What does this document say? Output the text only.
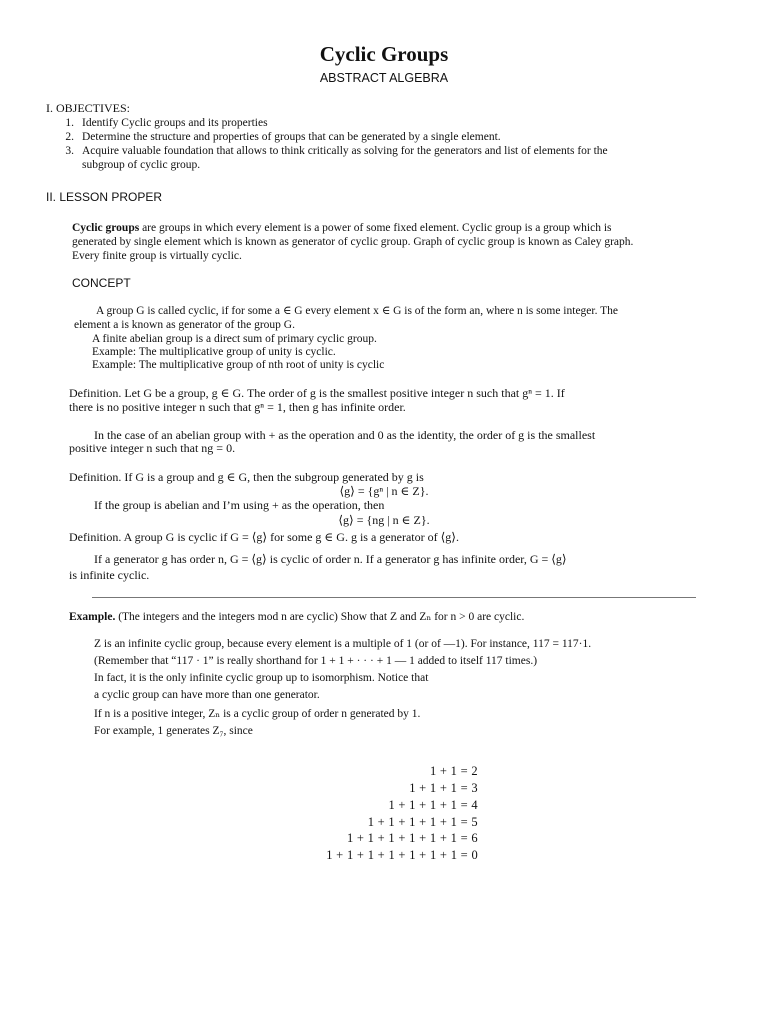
Cyclic Groups
ABSTRACT ALGEBRA
I. OBJECTIVES:
1. Identify Cyclic groups and its properties
2. Determine the structure and properties of groups that can be generated by a single element.
3. Acquire valuable foundation that allows to think critically as solving for the generators and list of elements for the
subgroup of cyclic group.
II. LESSON PROPER
Cyclic groups are groups in which every element is a power of some fixed element. Cyclic group is a group which is
generated by single element which is known as generator of cyclic group. Graph of cyclic group is known as Caley graph.
Every finite group is virtually cyclic.
CONCEPT
A group G is called cyclic, if for some a ∈ G every element x ∈ G is of the form an, where n is some integer. The
element a is known as generator of the group G.
A finite abelian group is a direct sum of primary cyclic group.
Example: The multiplicative group of unity is cyclic.
Example: The multiplicative group of nth root of unity is cyclic
Definition. Let G be a group, g ∈ G. The order of g is the smallest positive integer n such that gⁿ = 1. If
there is no positive integer n such that gⁿ = 1, then g has infinite order.
In the case of an abelian group with + as the operation and 0 as the identity, the order of g is the smallest
positive integer n such that ng = 0.
Definition. If G is a group and g ∈ G, then the subgroup generated by g is
⟨g⟩ = {gⁿ | n ∈ Z}.
If the group is abelian and I’m using + as the operation, then
⟨g⟩ = {ng | n ∈ Z}.
Definition. A group G is cyclic if G = ⟨g⟩ for some g ∈ G. g is a generator of ⟨g⟩.
If a generator g has order n, G = ⟨g⟩ is cyclic of order n. If a generator g has infinite order, G = ⟨g⟩
is infinite cyclic.
Example. (The integers and the integers mod n are cyclic) Show that Z and Zₙ for n > 0 are cyclic.
Z is an infinite cyclic group, because every element is a multiple of 1 (or of —1). For instance, 117 = 117·1.
(Remember that “117 · 1” is really shorthand for 1 + 1 + · · · + 1 — 1 added to itself 117 times.)
In fact, it is the only infinite cyclic group up to isomorphism. Notice that
a cyclic group can have more than one generator.
If n is a positive integer, Zₙ is a cyclic group of order n generated by 1.
For example, 1 generates Z₇, since
1 + 1 = 2
1 + 1 + 1 = 3
1 + 1 + 1 + 1 = 4
1 + 1 + 1 + 1 + 1 = 5
1 + 1 + 1 + 1 + 1 + 1 = 6
1 + 1 + 1 + 1 + 1 + 1 + 1 = 0
